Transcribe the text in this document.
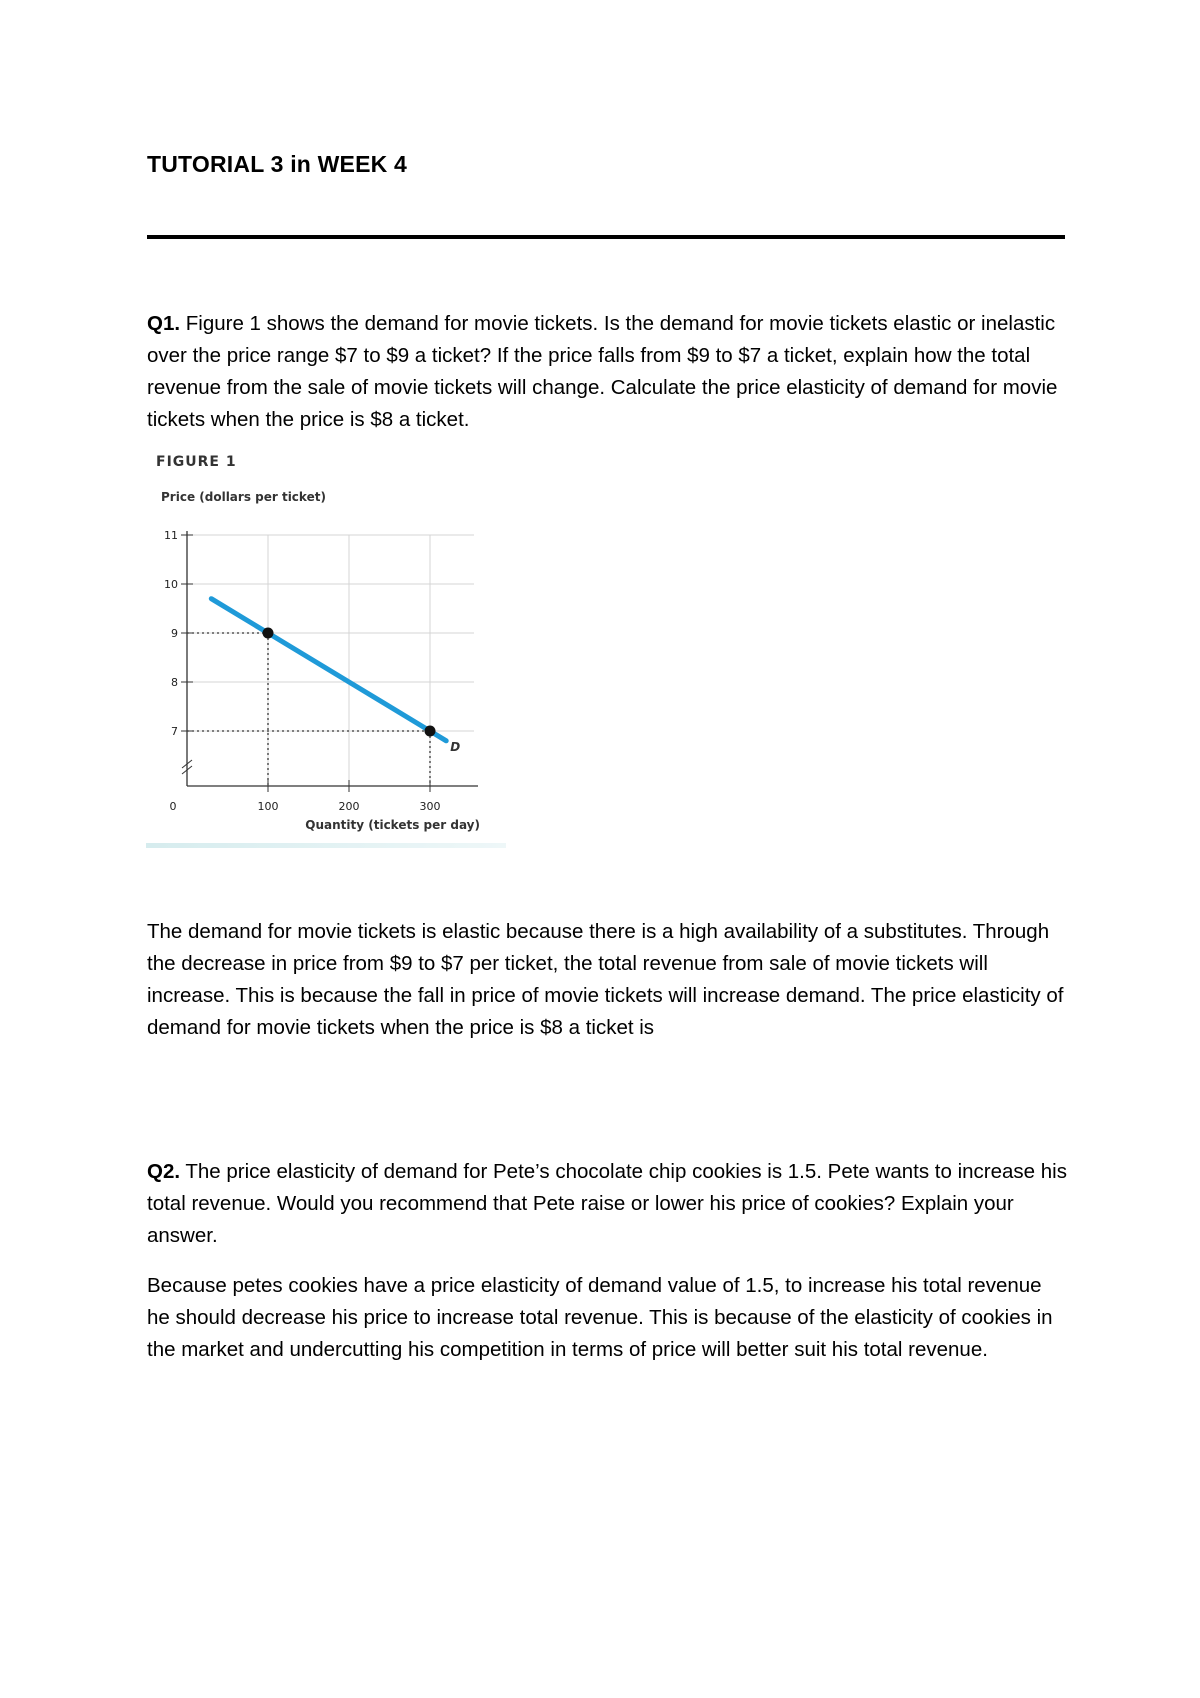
TUTORIAL 3 in WEEK 4

Q1. Figure 1 shows the demand for movie tickets. Is the demand for movie tickets elastic or inelastic over the price range $7 to $9 a ticket? If the price falls from $9 to $7 a ticket, explain how the total revenue from the sale of movie tickets will change. Calculate the price elasticity of demand for movie tickets when the price is $8 a ticket.

FIGURE 1
Price (dollars per ticket)
7
8
9
10
11
0	100	200	300
Quantity (tickets per day)
D

The demand for movie tickets is elastic because there is a high availability of a substitutes. Through the decrease in price from $9 to $7 per ticket, the total revenue from sale of movie tickets will increase. This is because the fall in price of movie tickets will increase demand. The price elasticity of demand for movie tickets when the price is $8 a ticket is

Q2. The price elasticity of demand for Pete’s chocolate chip cookies is 1.5. Pete wants to increase his total revenue. Would you recommend that Pete raise or lower his price of cookies? Explain your answer.

Because petes cookies have a price elasticity of demand value of 1.5, to increase his total revenue he should decrease his price to increase total revenue. This is because of the elasticity of cookies in the market and undercutting his competition in terms of price will better suit his total revenue.
